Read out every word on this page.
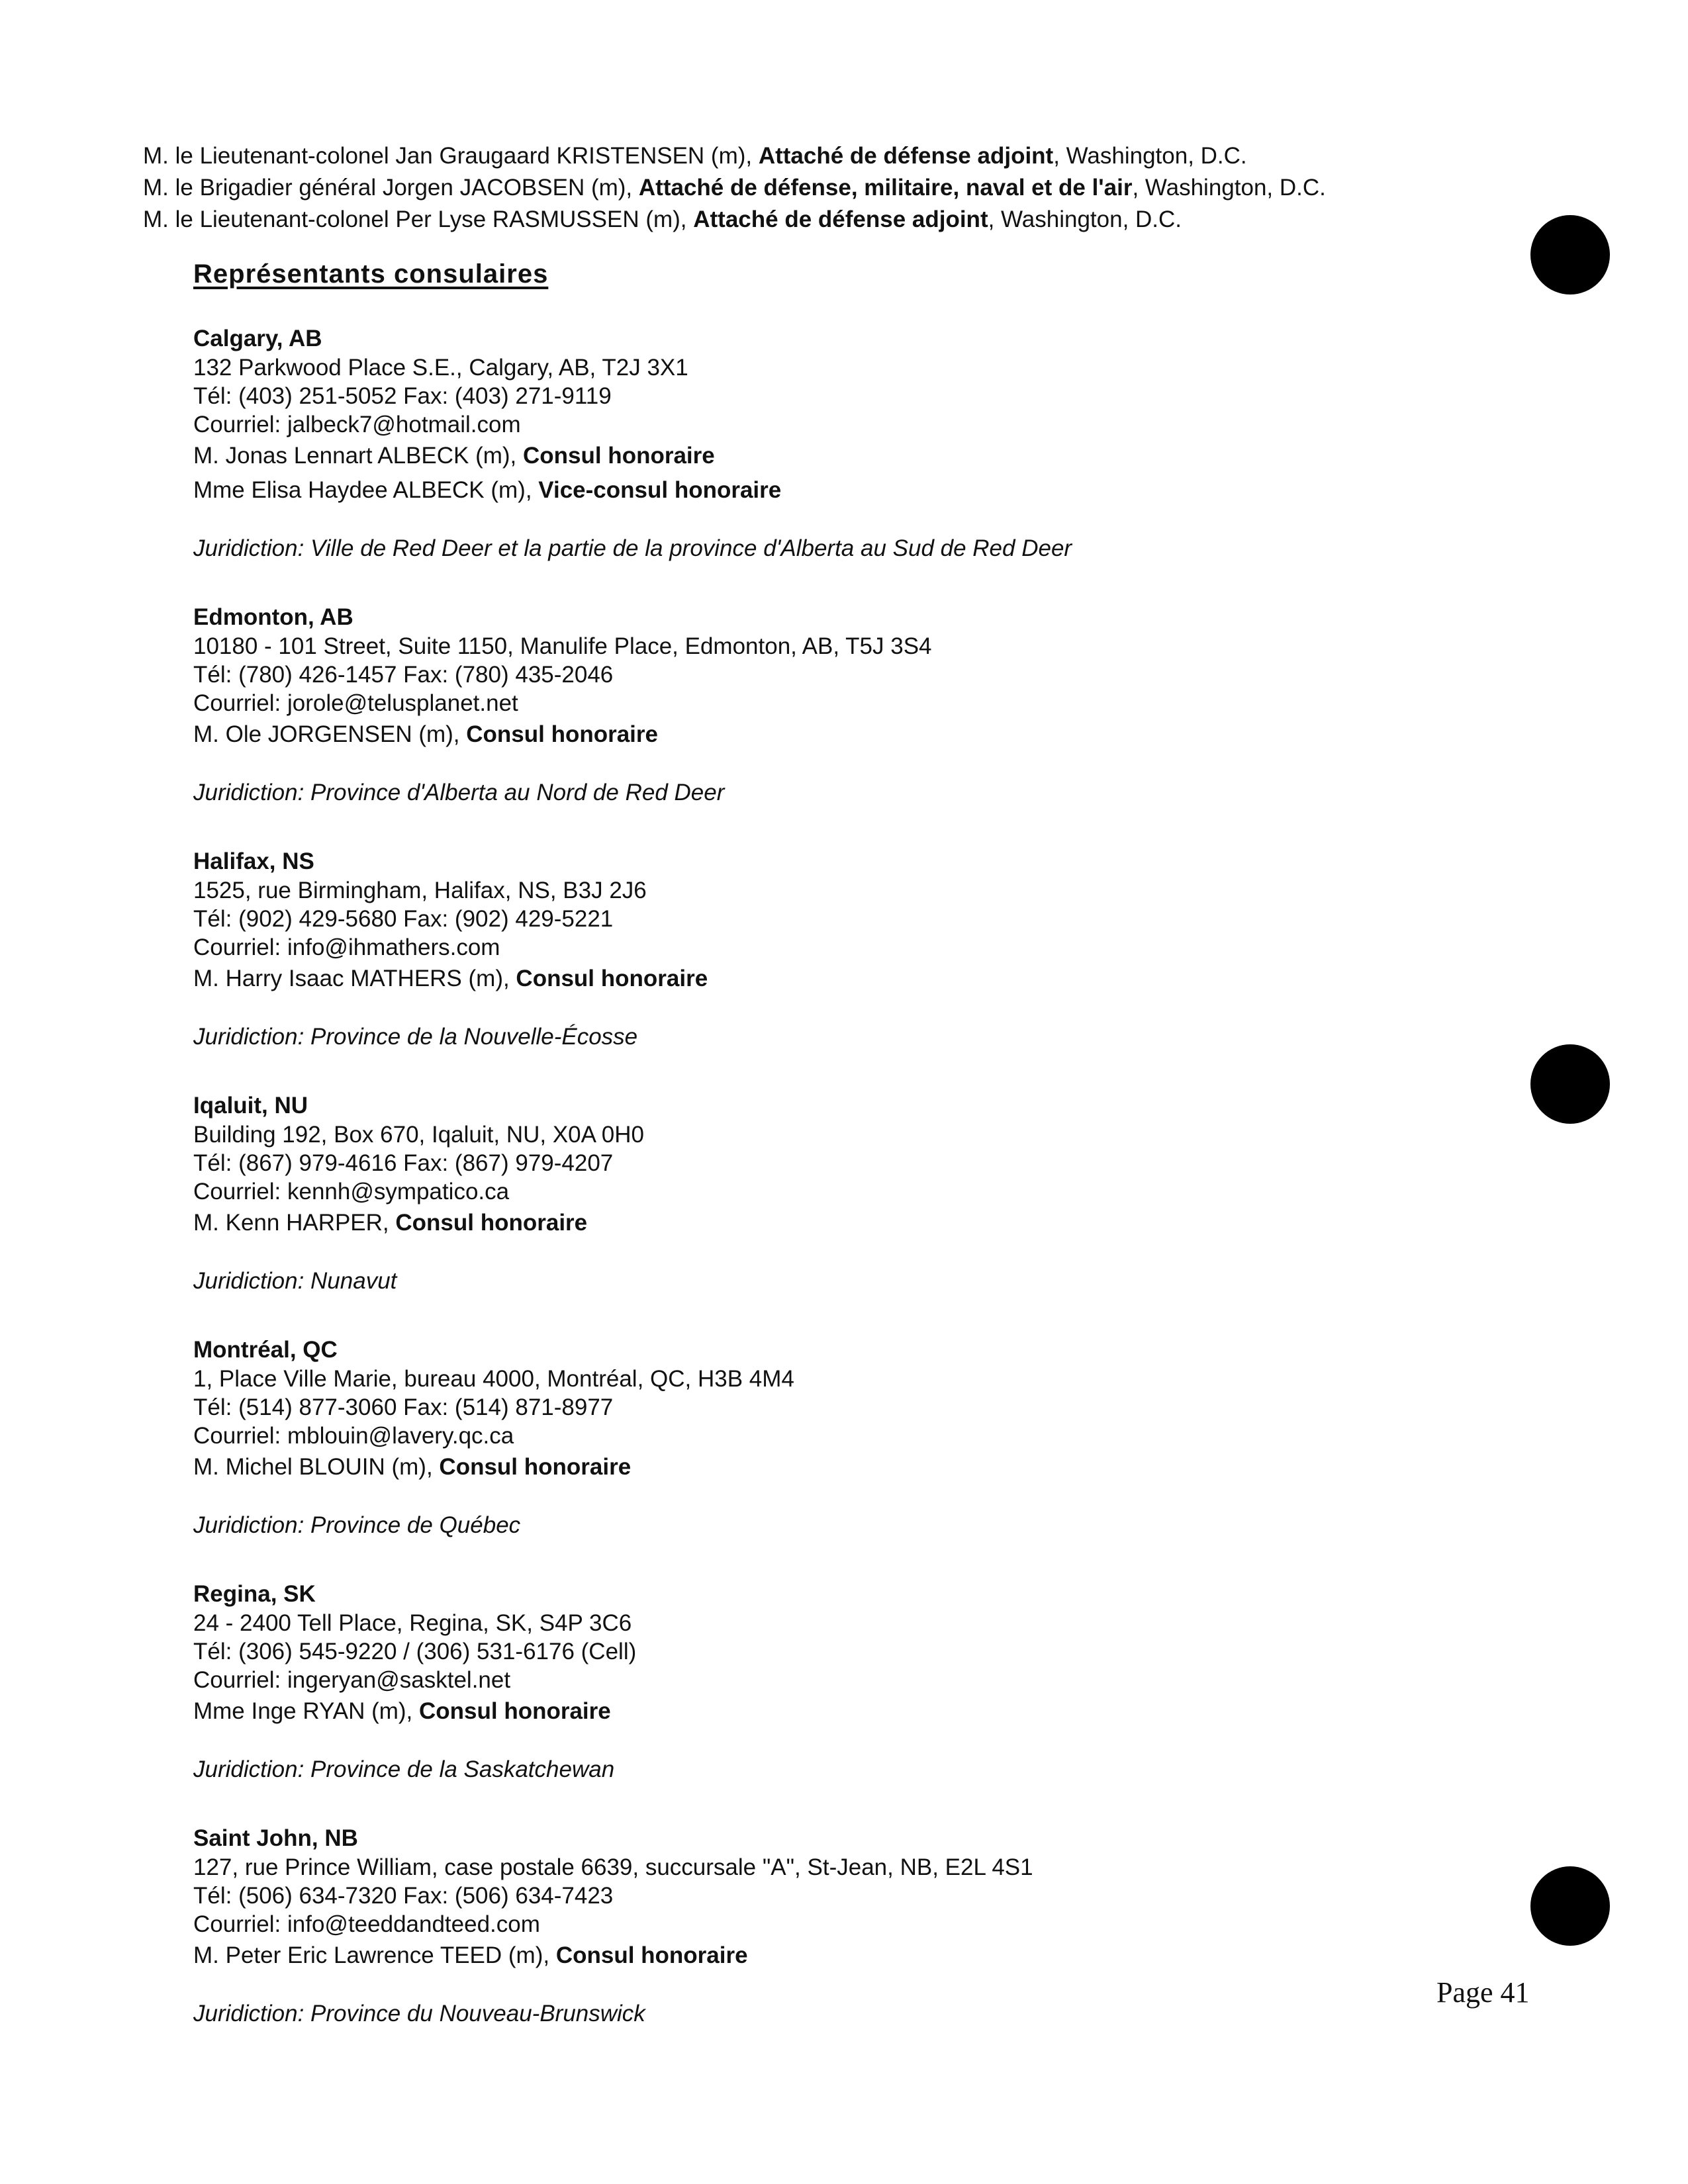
M. le Lieutenant-colonel Jan Graugaard KRISTENSEN (m), Attaché de défense adjoint, Washington, D.C.
M. le Brigadier général Jorgen JACOBSEN (m), Attaché de défense, militaire, naval et de l'air, Washington, D.C.
M. le Lieutenant-colonel Per Lyse RASMUSSEN (m), Attaché de défense adjoint, Washington, D.C.
Représentants consulaires
Calgary, AB
132 Parkwood Place S.E., Calgary, AB, T2J 3X1
Tél: (403) 251-5052 Fax: (403) 271-9119
Courriel: jalbeck7@hotmail.com
M. Jonas Lennart ALBECK (m), Consul honoraire
Mme Elisa Haydee ALBECK (m), Vice-consul honoraire
Juridiction: Ville de Red Deer et la partie de la province d'Alberta au Sud de Red Deer
Edmonton, AB
10180 - 101 Street, Suite 1150, Manulife Place, Edmonton, AB, T5J 3S4
Tél: (780) 426-1457 Fax: (780) 435-2046
Courriel: jorole@telusplanet.net
M. Ole JORGENSEN (m), Consul honoraire
Juridiction: Province d'Alberta au Nord de Red Deer
Halifax, NS
1525, rue Birmingham, Halifax, NS, B3J 2J6
Tél: (902) 429-5680 Fax: (902) 429-5221
Courriel: info@ihmathers.com
M. Harry Isaac MATHERS (m), Consul honoraire
Juridiction: Province de la Nouvelle-Écosse
Iqaluit, NU
Building 192, Box 670, Iqaluit, NU, X0A 0H0
Tél: (867) 979-4616 Fax: (867) 979-4207
Courriel: kennh@sympatico.ca
M. Kenn HARPER, Consul honoraire
Juridiction: Nunavut
Montréal, QC
1, Place Ville Marie, bureau 4000, Montréal, QC, H3B 4M4
Tél: (514) 877-3060 Fax: (514) 871-8977
Courriel: mblouin@lavery.qc.ca
M. Michel BLOUIN (m), Consul honoraire
Juridiction: Province de Québec
Regina, SK
24 - 2400 Tell Place, Regina, SK, S4P 3C6
Tél: (306) 545-9220 / (306) 531-6176 (Cell)
Courriel: ingeryan@sasktel.net
Mme Inge RYAN (m), Consul honoraire
Juridiction: Province de la Saskatchewan
Saint John, NB
127, rue Prince William, case postale 6639, succursale "A", St-Jean, NB, E2L 4S1
Tél: (506) 634-7320 Fax: (506) 634-7423
Courriel: info@teeddandteed.com
M. Peter Eric Lawrence TEED (m), Consul honoraire
Juridiction: Province du Nouveau-Brunswick
Page 41
